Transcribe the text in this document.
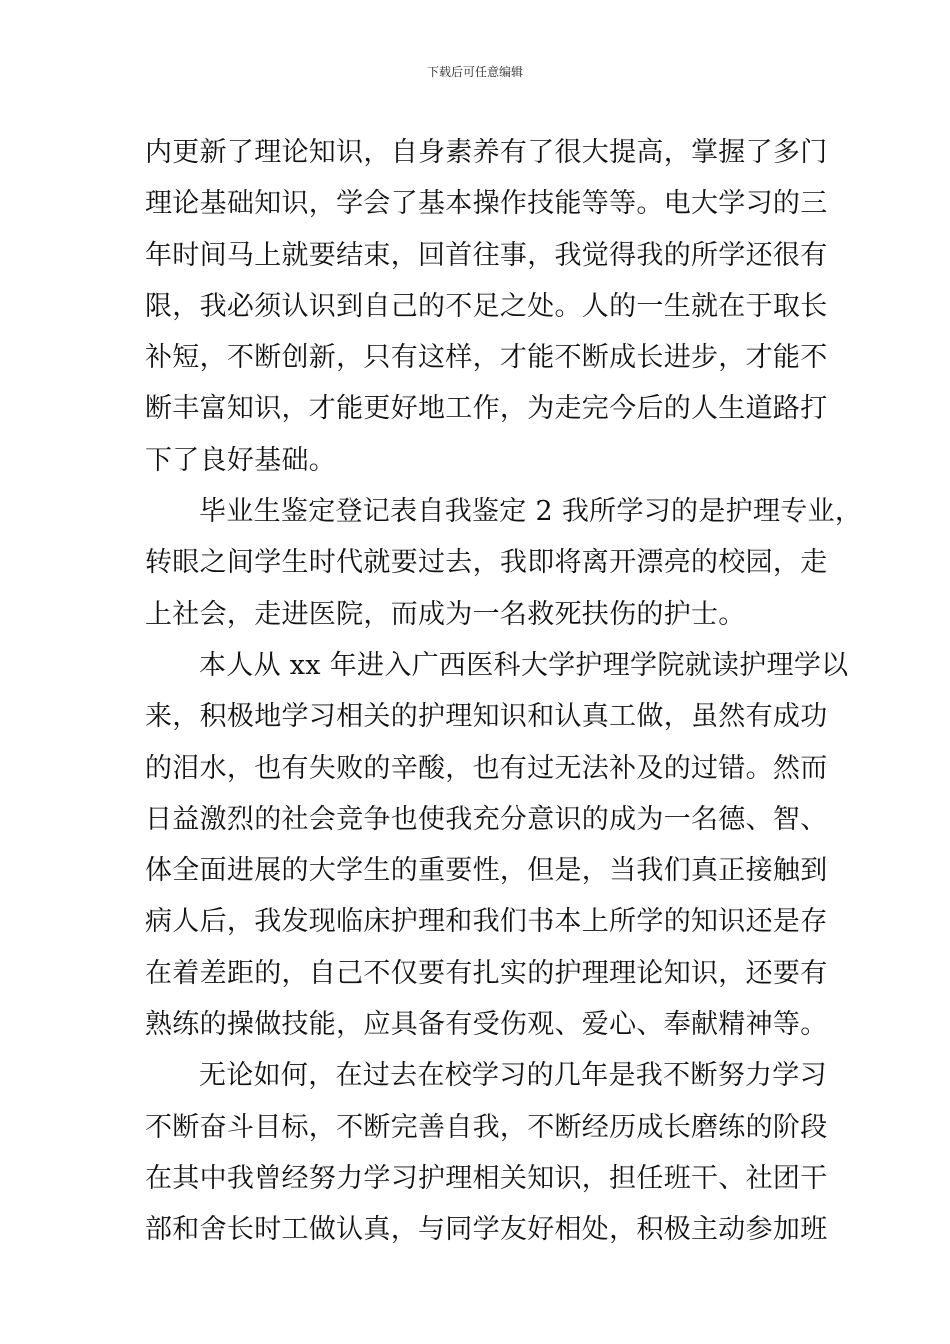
下载后可任意编辑
内更新了理论知识，自身素养有了很大提高，掌握了多门
理论基础知识，学会了基本操作技能等等。电大学习的三
年时间马上就要结束，回首往事，我觉得我的所学还很有
限，我必须认识到自己的不足之处。人的一生就在于取长
补短，不断创新，只有这样，才能不断成长进步，才能不
断丰富知识，才能更好地工作，为走完今后的人生道路打
下了良好基础。
毕业生鉴定登记表自我鉴定 2 我所学习的是护理专业，
转眼之间学生时代就要过去，我即将离开漂亮的校园，走
上社会，走进医院，而成为一名救死扶伤的护士。
本人从 xx 年进入广西医科大学护理学院就读护理学以
来，积极地学习相关的护理知识和认真工做，虽然有成功
的泪水，也有失败的辛酸，也有过无法补及的过错。然而
日益激烈的社会竞争也使我充分意识的成为一名德、智、
体全面进展的大学生的重要性，但是，当我们真正接触到
病人后，我发现临床护理和我们书本上所学的知识还是存
在着差距的，自己不仅要有扎实的护理理论知识，还要有
熟练的操做技能，应具备有受伤观、爱心、奉献精神等。
无论如何，在过去在校学习的几年是我不断努力学习
不断奋斗目标，不断完善自我，不断经历成长磨练的阶段
在其中我曾经努力学习护理相关知识，担任班干、社团干
部和舍长时工做认真，与同学友好相处，积极主动参加班
